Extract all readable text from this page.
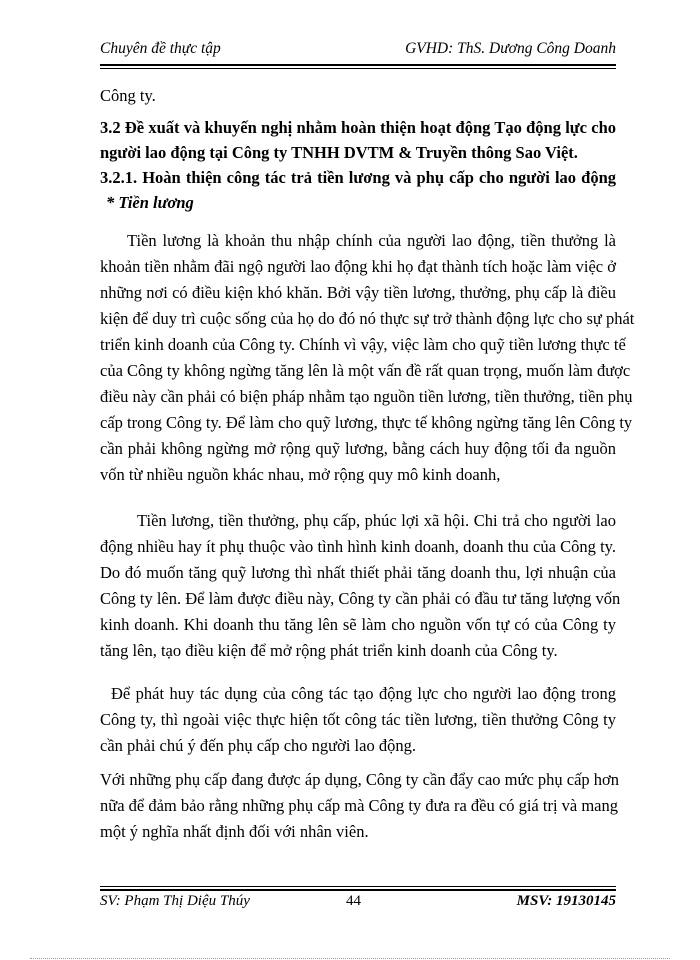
Chuyên đề thực tập	GVHD: ThS. Dương Công Doanh
Công ty.
3.2 Đề xuất và khuyến nghị nhằm hoàn thiện hoạt động Tạo động lực cho
người lao động tại Công ty TNHH DVTM & Truyền thông Sao Việt.
3.2.1. Hoàn thiện công tác trả tiền lương và phụ cấp cho người lao động
* Tiền lương
Tiền lương là khoản thu nhập chính của người lao động, tiền thưởng là
khoản tiền nhằm đãi ngộ người lao động khi họ đạt thành tích hoặc làm việc ở
những nơi có điều kiện khó khăn. Bởi vậy tiền lương, thưởng, phụ cấp là điều
kiện để duy trì cuộc sống của họ do đó nó thực sự trở thành động lực cho sự phát
triển kinh doanh của Công ty. Chính vì vậy, việc làm cho quỹ tiền lương thực tế
của Công ty không ngừng tăng lên là một vấn đề rất quan trọng, muốn làm được
điều này cần phải có biện pháp nhằm tạo nguồn tiền lương, tiền thưởng, tiền phụ
cấp trong Công ty. Để làm cho quỹ lương, thực tế không ngừng tăng lên Công ty
cần phải không ngừng mở rộng quỹ lương, bằng cách huy động tối đa nguồn
vốn từ nhiều nguồn khác nhau, mở rộng quy mô kinh doanh,
Tiền lương, tiền thưởng, phụ cấp, phúc lợi xã hội. Chi trả cho người lao
động nhiều hay ít phụ thuộc vào tình hình kinh doanh, doanh thu của Công ty.
Do đó muốn tăng quỹ lương thì nhất thiết phải tăng doanh thu, lợi nhuận của
Công ty lên. Để làm được điều này, Công ty cần phải có đầu tư tăng lượng vốn
kinh doanh. Khi doanh thu tăng lên sẽ làm cho nguồn vốn tự có của Công ty
tăng lên, tạo điều kiện để mở rộng phát triển kinh doanh của Công ty.
Để phát huy tác dụng của công tác tạo động lực cho người lao động trong
Công ty, thì ngoài việc thực hiện tốt công tác tiền lương, tiền thưởng Công ty
cần phải chú ý đến phụ cấp cho người lao động.
Với những phụ cấp đang được áp dụng, Công ty cần đẩy cao mức phụ cấp hơn
nữa để đảm bảo rằng những phụ cấp mà Công ty đưa ra đều có giá trị và mang
một ý nghĩa nhất định đối với nhân viên.
SV: Phạm Thị Diệu Thúy	44	MSV: 19130145
